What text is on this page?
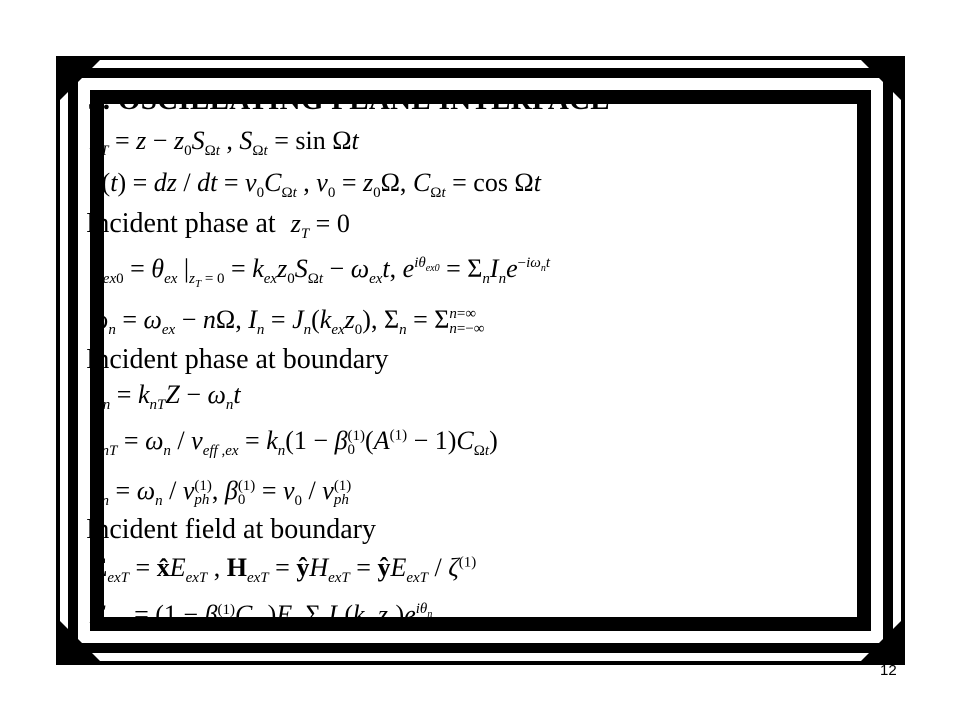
5. OSCILLATING PLANE INTERFACE
$z_T = z - z_0S_{\Omega t}$ , $S_{\Omega t} = \sin \Omega t$
v(t) = dz / dt = $v_0C_{\Omega t}$ , $v_0 = z_0\Omega$, $C_{\Omega t} = \cos \Omega t$
Incident phase at $z_T = 0$
$\theta_{ex0} = \theta_{ex}$ $|_{z_T = 0} = k_{ex}z_0S_{\Omega t} - \omega_{ex}t$, $e^{i\theta_{ex0}} = \Sigma_nI_ne^{-i\omega_nt}$
$\omega_n = \omega_{ex} - n\Omega$, $I_n = J_n(k_{ex}z_0)$, $\Sigma_n = \Sigma$ n=∞
n=−∞
Incident phase at boundary
$\theta_n = k_{nT}Z - \omega_nt$
$k_{nT} = \omega_n / v_{eff ,ex} = k_n(1 - \beta$ (1)
0 $(A^{(1)} - 1)C_{\Omega t}$)
$k_n = \omega_n / v$ (1)
ph , β (1)
$0 = v_0 / v$ (1)
ph
Incident field at boundary
$E_{exT}$ = $x̂E_{exT}$ , $H_{exT}$ = $ŷH_{exT}$ = $ŷE_{exT} / \zeta^{(1)}$
$E_{exT} = (1 - \beta$ (1)
0 $C_{\Omega t})E_{ex}\Sigma_nI_n(k_{ex}z_0)e^{i\theta_n}$
12
